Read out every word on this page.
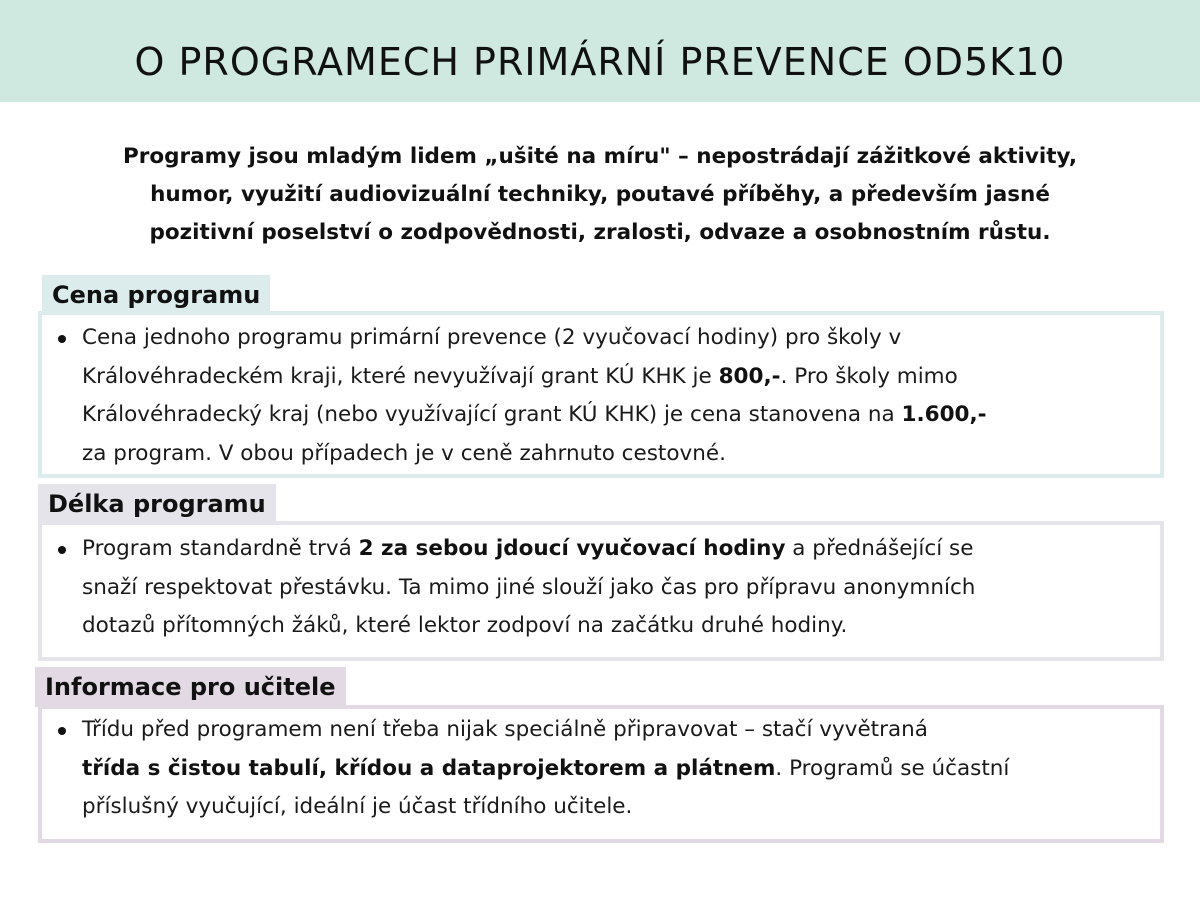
O PROGRAMECH PRIMÁRNÍ PREVENCE OD5K10
Programy jsou mladým lidem „ušité na míru" – nepostrádají zážitkové aktivity,
humor, využití audiovizuální techniky, poutavé příběhy, a především jasné
pozitivní poselství o zodpovědnosti, zralosti, odvaze a osobnostním růstu.
Cena programu
Cena jednoho programu primární prevence (2 vyučovací hodiny) pro školy v
Královéhradeckém kraji, které nevyužívají grant KÚ KHK je 800,-. Pro školy mimo
Královéhradecký kraj (nebo využívající grant KÚ KHK) je cena stanovena na 1.600,-
za program. V obou případech je v ceně zahrnuto cestovné.
Délka programu
Program standardně trvá 2 za sebou jdoucí vyučovací hodiny a přednášející se
snaží respektovat přestávku. Ta mimo jiné slouží jako čas pro přípravu anonymních
dotazů přítomných žáků, které lektor zodpoví na začátku druhé hodiny.
Informace pro učitele
Třídu před programem není třeba nijak speciálně připravovat – stačí vyvětraná
třída s čistou tabulí, křídou a dataprojektorem a plátnem. Programů se účastní
příslušný vyučující, ideální je účast třídního učitele.
